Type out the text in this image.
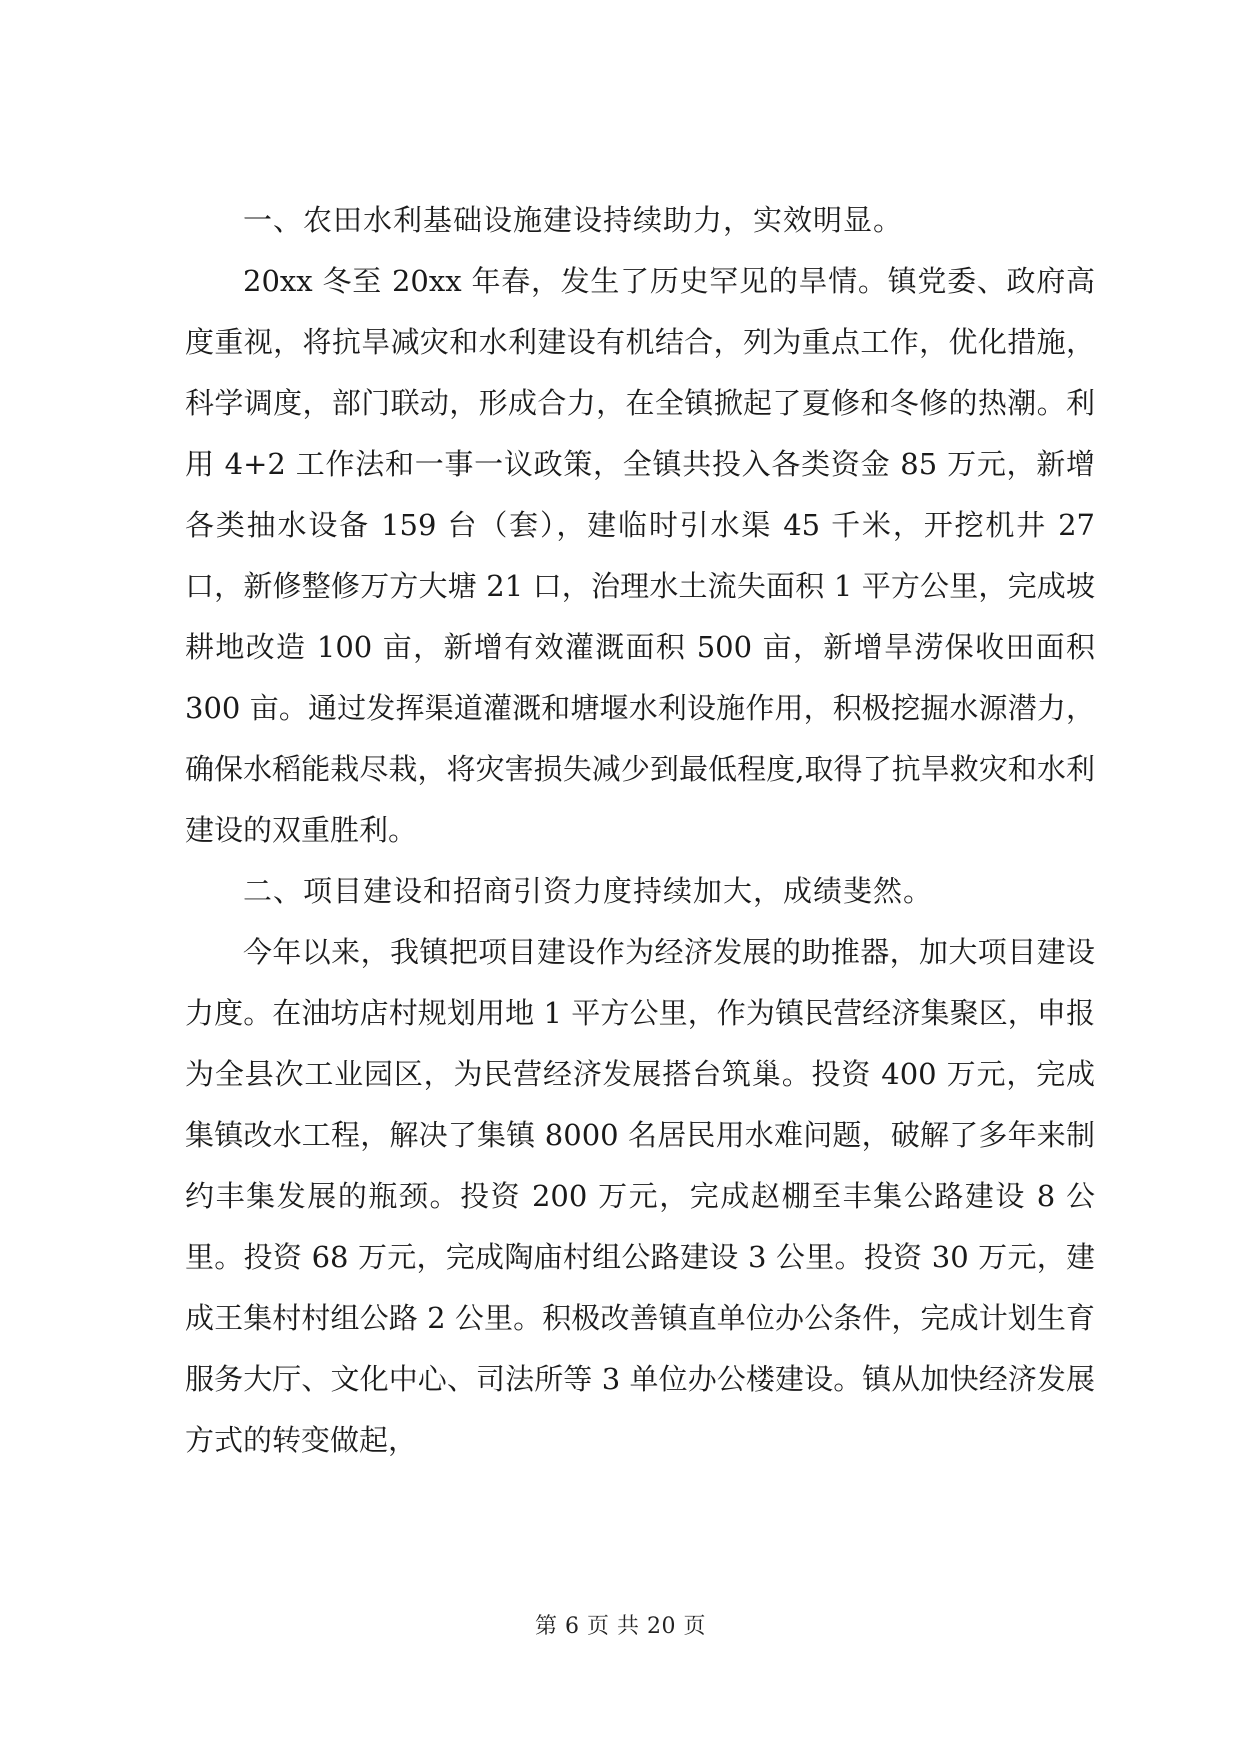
一、农田水利基础设施建设持续助力，实效明显。

20xx 冬至 20xx 年春，发生了历史罕见的旱情。镇党委、政府高度重视，将抗旱减灾和水利建设有机结合，列为重点工作，优化措施，科学调度，部门联动，形成合力，在全镇掀起了夏修和冬修的热潮。利用 4+2 工作法和一事一议政策，全镇共投入各类资金 85 万元，新增各类抽水设备 159 台（套），建临时引水渠 45 千米，开挖机井 27 口，新修整修万方大塘 21 口，治理水土流失面积 1 平方公里，完成坡耕地改造 100 亩，新增有效灌溉面积 500 亩，新增旱涝保收田面积 300 亩。通过发挥渠道灌溉和塘堰水利设施作用，积极挖掘水源潜力，确保水稻能栽尽栽，将灾害损失减少到最低程度,取得了抗旱救灾和水利建设的双重胜利。

二、项目建设和招商引资力度持续加大，成绩斐然。

今年以来，我镇把项目建设作为经济发展的助推器，加大项目建设力度。在油坊店村规划用地 1 平方公里，作为镇民营经济集聚区，申报为全县次工业园区，为民营经济发展搭台筑巢。投资 400 万元，完成集镇改水工程，解决了集镇 8000 名居民用水难问题，破解了多年来制约丰集发展的瓶颈。投资 200 万元，完成赵棚至丰集公路建设 8 公里。投资 68 万元，完成陶庙村组公路建设 3 公里。投资 30 万元，建成王集村村组公路 2 公里。积极改善镇直单位办公条件，完成计划生育服务大厅、文化中心、司法所等 3 单位办公楼建设。镇从加快经济发展方式的转变做起，

第 6 页 共 20 页
